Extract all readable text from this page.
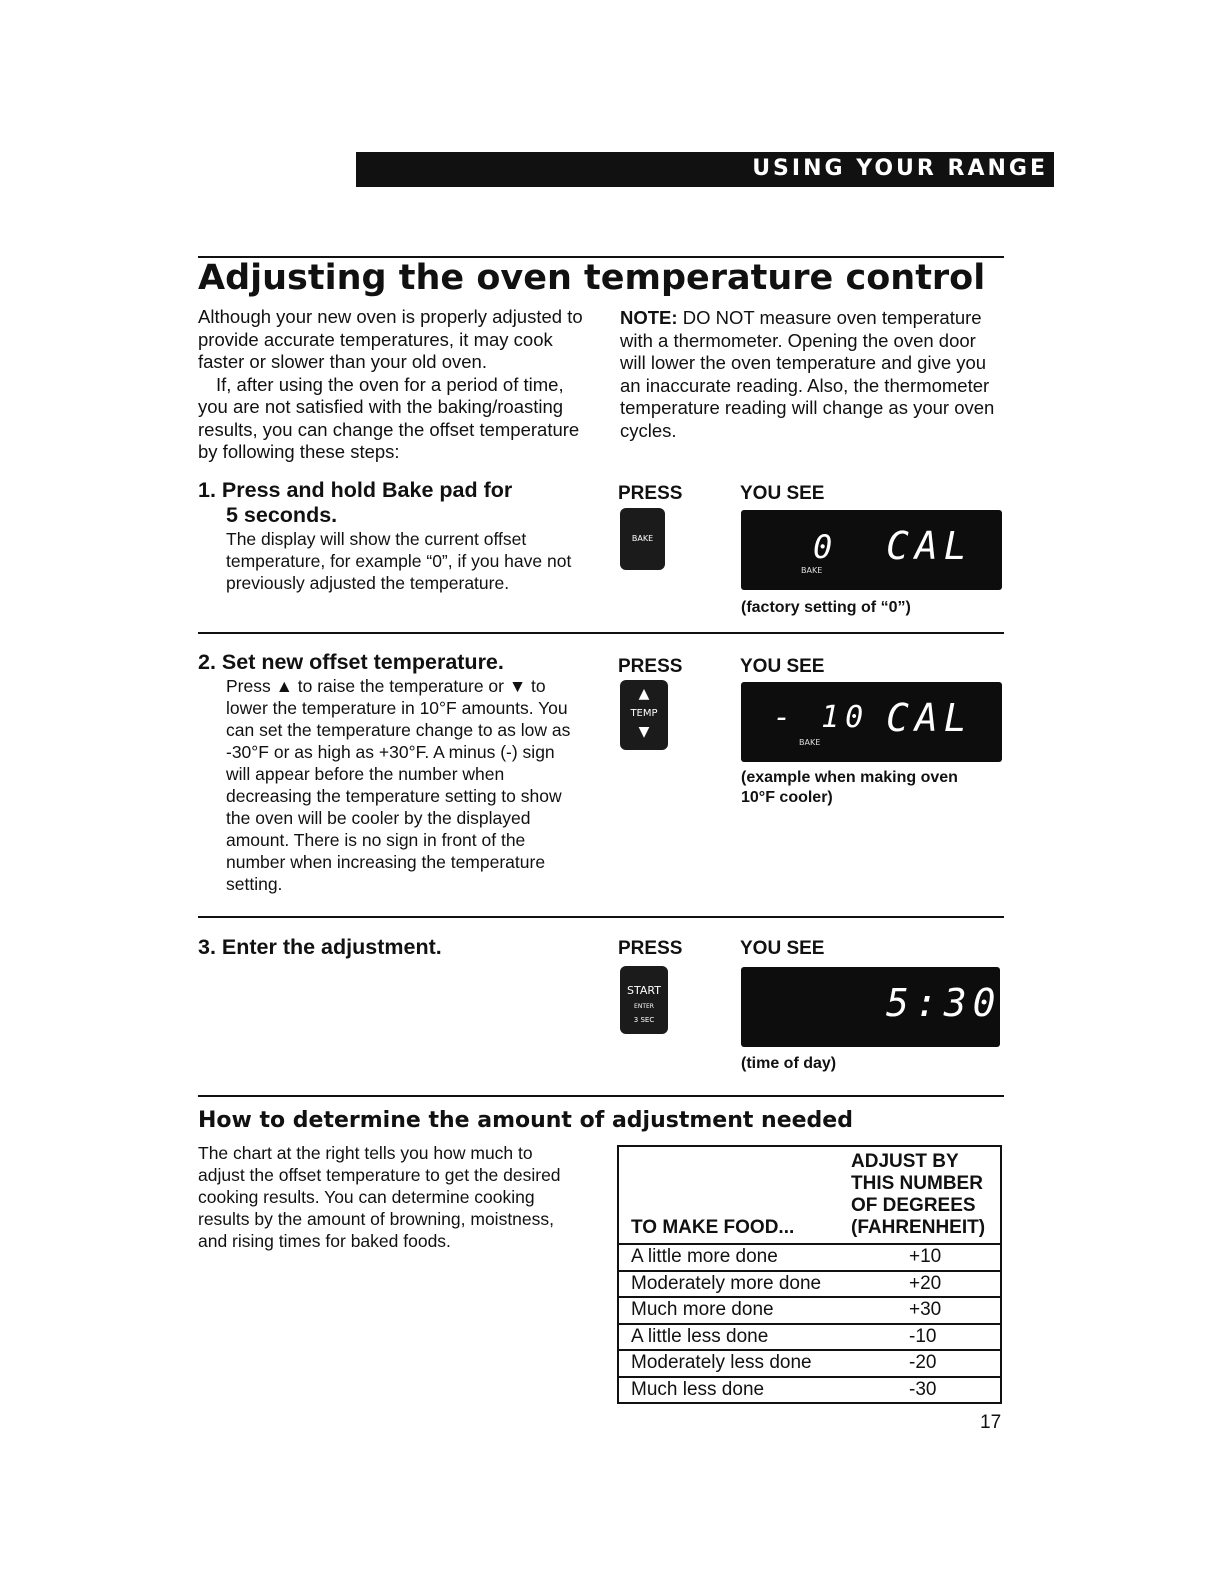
USING YOUR RANGE
Adjusting the oven temperature control
Although your new oven is properly adjusted to provide accurate temperatures, it may cook faster or slower than your old oven.
If, after using the oven for a period of time, you are not satisfied with the baking/roasting results, you can change the offset temperature by following these steps:
NOTE: DO NOT measure oven temperature with a thermometer. Opening the oven door will lower the oven temperature and give you an inaccurate reading. Also, the thermometer temperature reading will change as your oven cycles.
1. Press and hold Bake pad for
5 seconds.
The display will show the current offset temperature, for example “0”, if you have not previously adjusted the temperature.
PRESS	YOU SEE
BAKE	0
BAKE
CAL
(factory setting of “0”)
2. Set new offset temperature.
Press ▲ to raise the temperature or ▼ to lower the temperature in 10°F amounts. You can set the temperature change to as low as -30°F or as high as +30°F. A minus (-) sign will appear before the number when decreasing the temperature setting to show the oven will be cooler by the displayed amount. There is no sign in front of the number when increasing the temperature setting.
PRESS	YOU SEE
▲
TEMP
▼	- 10
BAKE
CAL
(example when making oven
10°F cooler)
3. Enter the adjustment.	PRESS	YOU SEE
START
ENTER
3 SEC	5:30
(time of day)
How to determine the amount of adjustment needed
The chart at the right tells you how much to adjust the offset temperature to get the desired cooking results. You can determine cooking results by the amount of browning, moistness, and rising times for baked foods.
TO MAKE FOOD...	ADJUST BY THIS NUMBER OF DEGREES (FAHRENHEIT)
A little more done	+10
Moderately more done	+20
Much more done	+30
A little less done	-10
Moderately less done	-20
Much less done	-30
17
